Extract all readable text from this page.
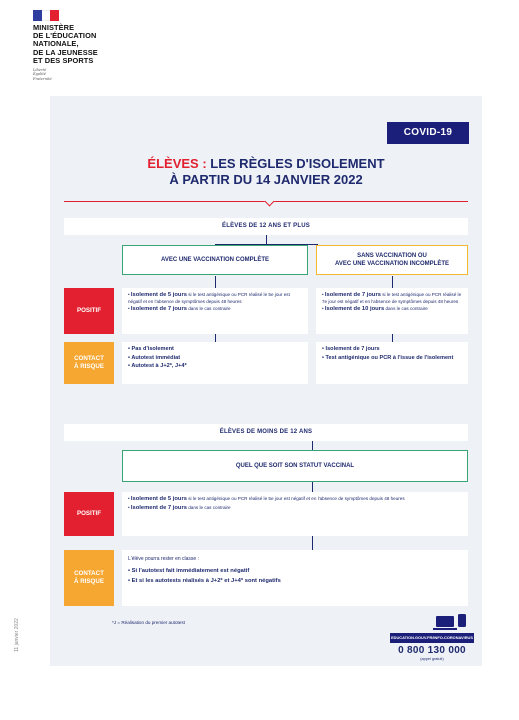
MINISTÈRE
DE L'ÉDUCATION
NATIONALE,
DE LA JEUNESSE
ET DES SPORTS
Liberté
Égalité
Fraternité
11 janvier 2022
COVID-19
ÉLÈVES : LES RÈGLES D'ISOLEMENT
À PARTIR DU 14 JANVIER 2022
ÉLÈVES DE 12 ANS ET PLUS
AVEC UNE VACCINATION COMPLÈTE
SANS VACCINATION OU
AVEC UNE VACCINATION INCOMPLÈTE
POSITIF

• Isolement de 5 jours si le test antigénique ou PCR réalisé le 5e jour est négatif et en l'absence de symptômes depuis 48 heures

• Isolement de 7 jours dans le cas contraire

• Isolement de 7 jours si le test antigénique ou PCR réalisé le 7e jour est négatif et en l'absence de symptômes depuis 48 heures

• Isolement de 10 jours dans le cas contraire

CONTACT
À RISQUE

• Pas d'isolement

• Autotest immédiat

• Autotest à J+2*, J+4*

• Isolement de 7 jours

• Test antigénique ou PCR à l'issue de l'isolement

ÉLÈVES DE MOINS DE 12 ANS
QUEL QUE SOIT SON STATUT VACCINAL
POSITIF

• Isolement de 5 jours si le test antigénique ou PCR réalisé le 5e jour est négatif et en l'absence de symptômes depuis 48 heures

• Isolement de 7 jours dans le cas contraire

CONTACT
À RISQUE

L'élève pourra rester en classe :

• Si l'autotest fait immédiatement est négatif

• Et si les autotests réalisés à J+2* et J+4* sont négatifs

*J = Réalisation du premier autotest
EDUCATION.GOUV.FR/INFO-CORONAVIRUS
0 800 130 000
(appel gratuit)
